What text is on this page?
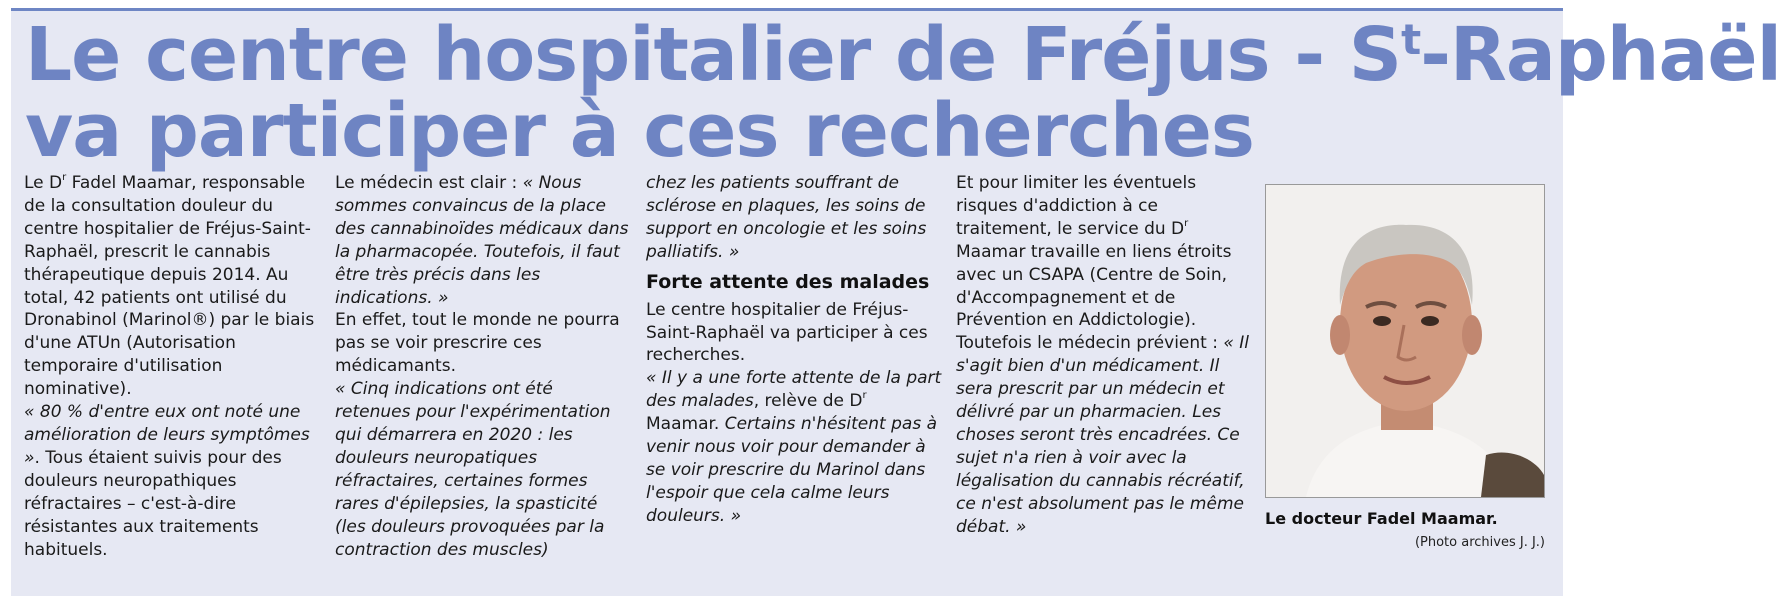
Le centre hospitalier de Fréjus - $S^t$-Raphaël
va participer à ces recherches

Le $D^r$ Fadel Maamar, responsable de la consultation douleur du centre hospitalier de Fréjus-Saint-Raphaël, prescrit le cannabis thérapeutique depuis 2014. Au total, 42 patients ont utilisé du Dronabinol (Marinol®) par le biais d'une ATUn (Autorisation temporaire d'utilisation nominative).

« 80 % d'entre eux ont noté une amélioration de leurs symptômes ». Tous étaient suivis pour des douleurs neuropathiques réfractaires – c'est-à-dire résistantes aux traitements habituels.

Le médecin est clair : « Nous sommes convaincus de la place des cannabinoïdes médicaux dans la pharmacopée. Toutefois, il faut être très précis dans les indications. »

En effet, tout le monde ne pourra pas se voir prescrire ces médicamants.

« Cinq indications ont été retenues pour l'expérimentation qui démarrera en 2020 : les douleurs neuropatiques réfractaires, certaines formes rares d'épilepsies, la spasticité (les douleurs provoquées par la contraction des muscles)

chez les patients souffrant de sclérose en plaques, les soins de support en oncologie et les soins palliatifs. »

Forte attente des malades

Le centre hospitalier de Fréjus-Saint-Raphaël va participer à ces recherches.

« Il y a une forte attente de la part des malades, relève de $D^r$ Maamar. Certains n'hésitent pas à venir nous voir pour demander à se voir prescrire du Marinol dans l'espoir que cela calme leurs douleurs. »

Et pour limiter les éventuels risques d'addiction à ce traitement, le service du $D^r$ Maamar travaille en liens étroits avec un CSAPA (Centre de Soin, d'Accompagnement et de Prévention en Addictologie).

Toutefois le médecin prévient : « Il s'agit bien d'un médicament. Il sera prescrit par un médecin et délivré par un pharmacien. Les choses seront très encadrées. Ce sujet n'a rien à voir avec la légalisation du cannabis récréatif, ce n'est absolument pas le même débat. »	Le docteur Fadel Maamar.
(Photo archives J. J.)
